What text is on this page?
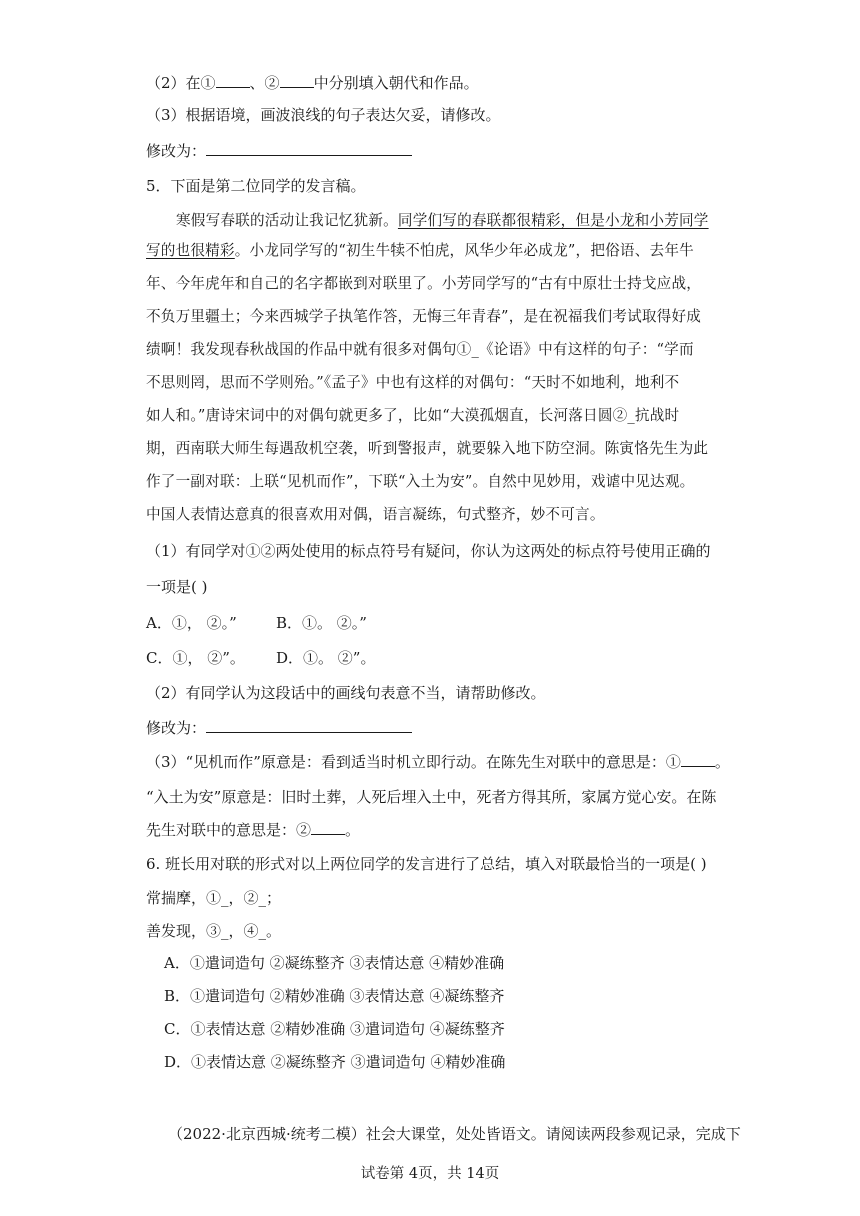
（2）在① 、② 中分别填入朝代和作品。
（3）根据语境，画波浪线的句子表达欠妥，请修改。
修改为：
5．下面是第二位同学的发言稿。
寒假写春联的活动让我记忆犹新。同学们写的春联都很精彩，但是小龙和小芳同学
写的也很精彩。小龙同学写的“初生牛犊不怕虎，风华少年必成龙”，把俗语、去年牛
年、今年虎年和自己的名字都嵌到对联里了。小芳同学写的“古有中原壮士持戈应战，
不负万里疆土；今来西城学子执笔作答，无悔三年青春”，是在祝福我们考试取得好成
绩啊！我发现春秋战国的作品中就有很多对偶句①_《论语》中有这样的句子：“学而
不思则罔，思而不学则殆。”《孟子》中也有这样的对偶句：“天时不如地利，地利不
如人和。”唐诗宋词中的对偶句就更多了，比如“大漠孤烟直，长河落日圆②_抗战时
期，西南联大师生每遇敌机空袭，听到警报声，就要躲入地下防空洞。陈寅恪先生为此
作了一副对联：上联“见机而作”，下联“入土为安”。自然中见妙用，戏谑中见达观。
中国人表情达意真的很喜欢用对偶，语言凝练，句式整齐，妙不可言。
（1）有同学对①②两处使用的标点符号有疑问，你认为这两处的标点符号使用正确的
一项是( )
A．①， ②。”	B．①。 ②。”
C．①， ②”。 D．①。 ②”。
（2）有同学认为这段话中的画线句表意不当，请帮助修改。
修改为：
（3）“见机而作”原意是：看到适当时机立即行动。在陈先生对联中的意思是：① 。
“入土为安”原意是：旧时土葬，人死后埋入土中，死者方得其所，家属方觉心安。在陈
先生对联中的意思是：② 。
6. 班长用对联的形式对以上两位同学的发言进行了总结，填入对联最恰当的一项是( )
常揣摩，①_，②_；
善发现，③_，④_。
A．①遣词造句 ②凝练整齐 ③表情达意 ④精妙准确
B．①遣词造句 ②精妙准确 ③表情达意 ④凝练整齐
C．①表情达意 ②精妙准确 ③遣词造句 ④凝练整齐
D．①表情达意 ②凝练整齐 ③遣词造句 ④精妙准确
（2022·北京西城·统考二模）社会大课堂，处处皆语文。请阅读两段参观记录，完成下
试卷第 4页，共 14页
